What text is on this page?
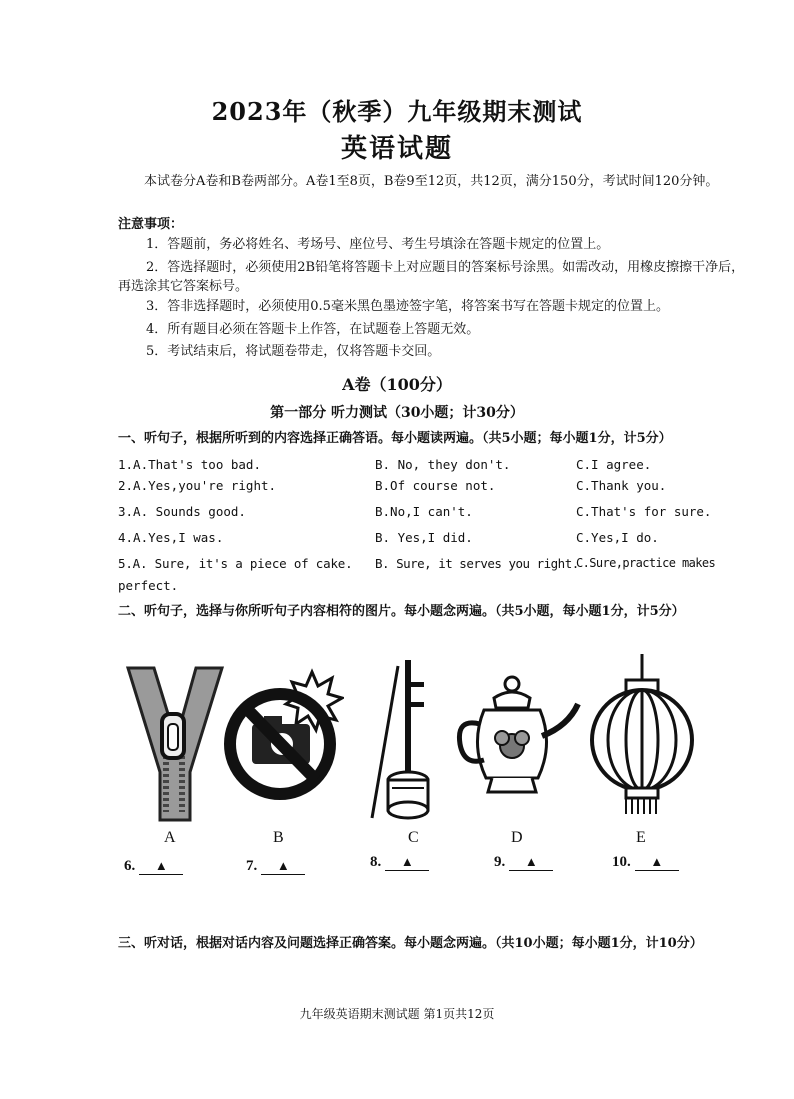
2023年（秋季）九年级期末测试
英语试题
本试卷分A卷和B卷两部分。A卷1至8页，B卷9至12页，共12页，满分150分，考试时间120分钟。
注意事项：
1．答题前，务必将姓名、考场号、座位号、考生号填涂在答题卡规定的位置上。
2．答选择题时，必须使用2B铅笔将答题卡上对应题目的答案标号涂黑。如需改动，用橡皮擦擦干净后，再选涂其它答案标号。
3．答非选择题时，必须使用0.5毫米黑色墨迹签字笔，将答案书写在答题卡规定的位置上。
4．所有题目必须在答题卡上作答，在试题卷上答题无效。
5．考试结束后，将试题卷带走，仅将答题卡交回。
A卷（100分）
第一部分 听力测试（30小题；计30分）
一、听句子，根据所听到的内容选择正确答语。每小题读两遍。（共5小题；每小题1分，计5分）
1.A.That's too bad.	B. No, they don't.	C.I agree.
2.A.Yes,you're right.	B.Of course not.	C.Thank you.
3.A. Sounds good.	B.No,I can't.	C.That's for sure.
4.A.Yes,I was.	B. Yes,I did.	C.Yes,I do.
5.A. Sure, it's a piece of cake. B. Sure, it serves you right.
C.Sure,practice makes
perfect.
二、听句子，选择与你所听句子内容相符的图片。每小题念两遍。（共5小题，每小题1分，计5分）
A	B	C	D	E
6. ▲	7. ▲	8. ▲	9. ▲	10. ▲
三、听对话，根据对话内容及问题选择正确答案。每小题念两遍。（共10小题；每小题1分，计10分）
九年级英语期末测试题 第1页共12页
